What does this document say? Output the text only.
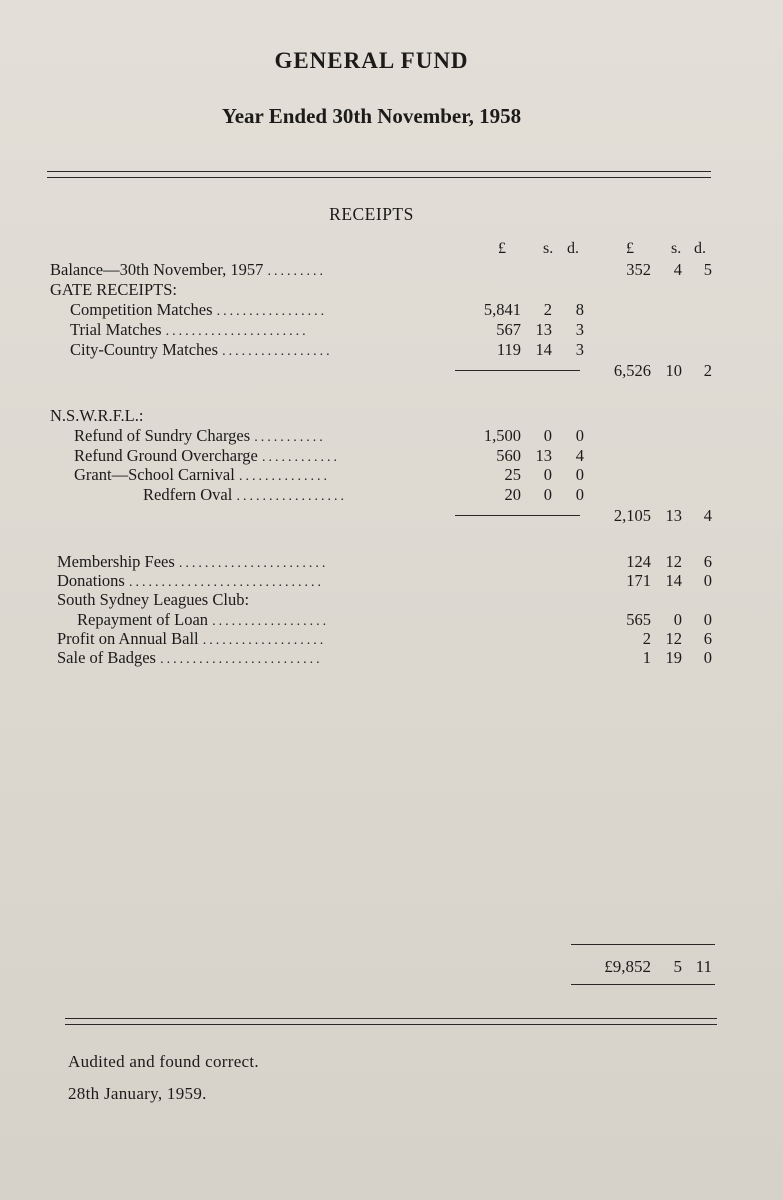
GENERAL FUND
Year Ended 30th November, 1958
RECEIPTS
£ s. d.	£ s. d.
Balance—30th November, 1957 .........	352	4	5
GATE RECEIPTS:
Competition Matches .................	5,841	2	8
Trial Matches ......................	567 13	3
City-Country Matches .................	119 14	3
6,526 10	2
N.S.W.R.F.L.:
Refund of Sundry Charges ...........	1,500	0	0
Refund Ground Overcharge ............	560 13	4
Grant—School Carnival ..............	25	0	0
Redfern Oval .................	20	0	0
2,105 13	4
Membership Fees .......................	124 12	6
Donations ..............................	171 14	0
South Sydney Leagues Club:
Repayment of Loan ..................	565	0	0
Profit on Annual Ball ...................	2 12	6
Sale of Badges .........................	1 19	0
£9,852	5 11
Audited and found correct.
28th January, 1959.
